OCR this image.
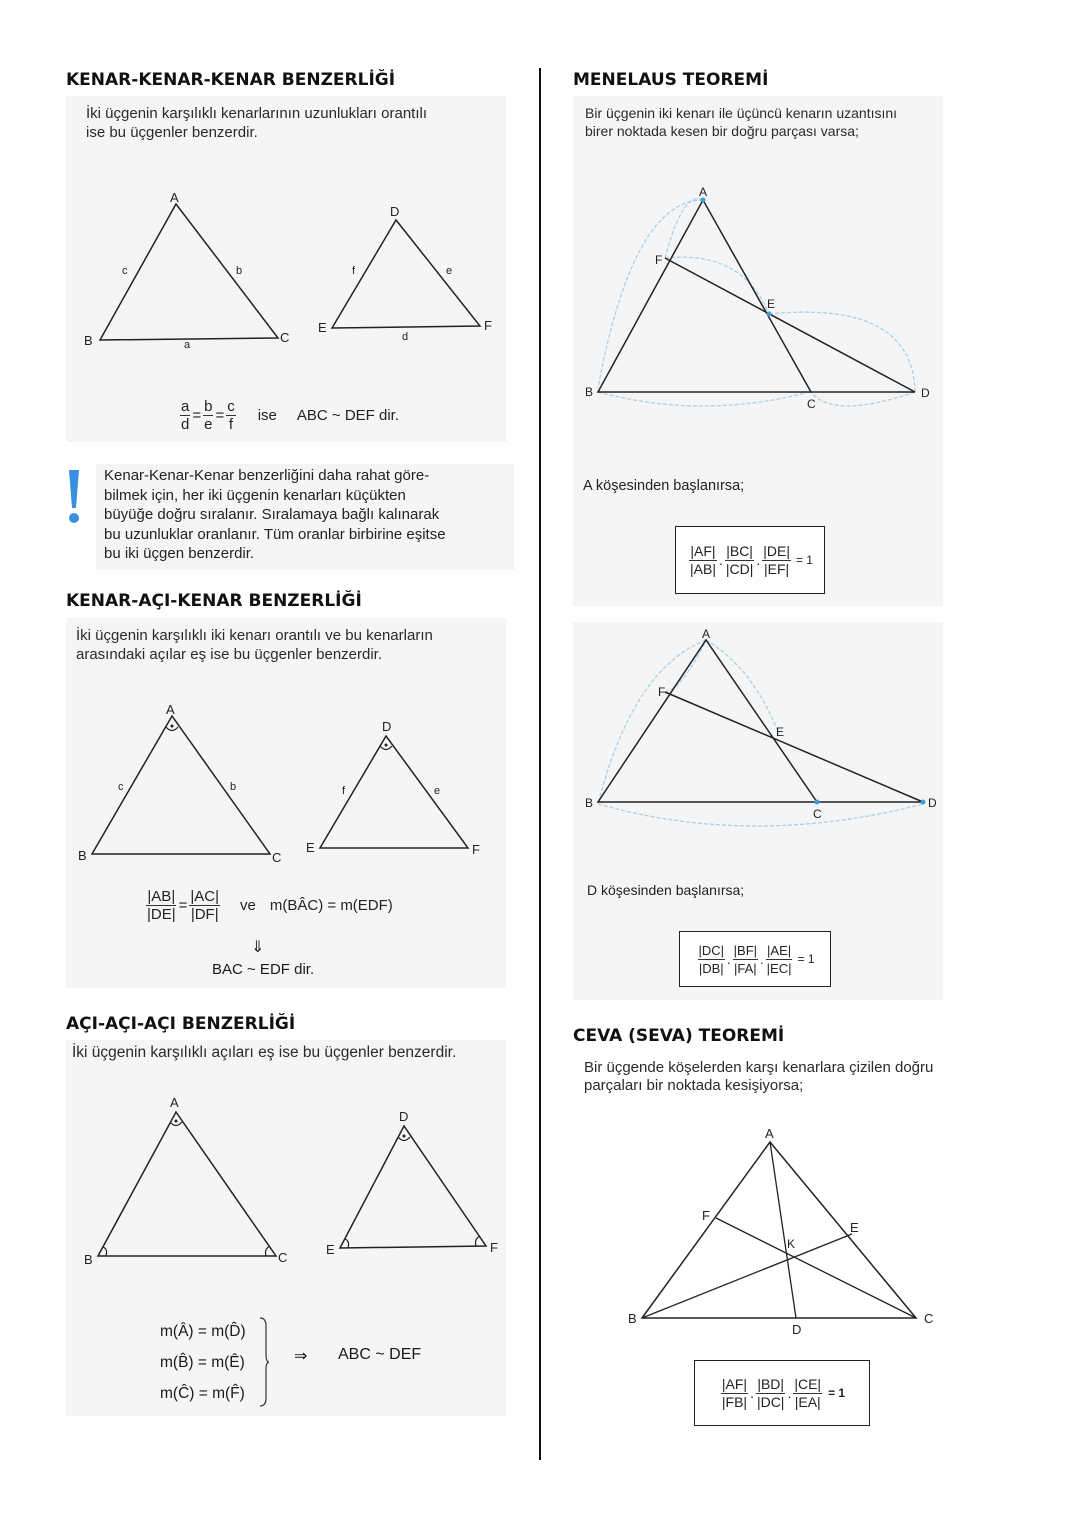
KENAR-KENAR-KENAR BENZERLİĞİ
İki üçgenin karşılıklı kenarlarının uzunlukları orantılı
ise bu üçgenler benzerdir.
A
B	C
a
b
c
D
E	F
d
e
f
$\frac{a}{d} = \frac{b}{e} = \frac{c}{f}$ ise ABC ~ DEF dir.
Kenar-Kenar-Kenar benzerliğini daha rahat göre-
bilmek için, her iki üçgenin kenarları küçükten
büyüğe doğru sıralanır. Sıralamaya bağlı kalınarak
bu uzunluklar oranlanır. Tüm oranlar birbirine eşitse
bu iki üçgen benzerdir.
KENAR-AÇI-KENAR BENZERLİĞİ
İki üçgenin karşılıklı iki kenarı orantılı ve bu kenarların
arasındaki açılar eş ise bu üçgenler benzerdir.
A
B	C
b
c
D
E	F
e
f
$\frac{|AB|}{|DE|} = \frac{|AC|}{|DF|}$ ve m(BÂC) = m(EDF)
⇓
BAC ~ EDF dir.
AÇI-AÇI-AÇI BENZERLİĞİ
İki üçgenin karşılıklı açıları eş ise bu üçgenler benzerdir.
A
B	C
D
E	F
m(Â) = m(D̂)
m(B̂) = m(Ê)
m(Ĉ) = m(F̂)
⇒ ABC ~ DEF
MENELAUS TEOREMİ
Bir üçgenin iki kenarı ile üçüncü kenarın uzantısını
birer noktada kesen bir doğru parçası varsa;
A
B
C
D
E
F
A köşesinden başlanırsa;
$\frac{|AF|}{|AB|}$ . $\frac{|BC|}{|CD|}$ . $\frac{|DE|}{|EF|} = 1$
A
B
C
D
E
F
D köşesinden başlanırsa;
$\frac{|DC|}{|DB|}$ . $\frac{|BF|}{|FA|}$ . $\frac{|AE|}{|EC|} = 1$
CEVA (SEVA) TEOREMİ
Bir üçgende köşelerden karşı kenarlara çizilen doğru
parçaları bir noktada kesişiyorsa;
A
B	C
D
E
F
K
$\frac{|AF|}{|FB|}$ . $\frac{|BD|}{|DC|}$ . $\frac{|CE|}{|EA|} = 1$
